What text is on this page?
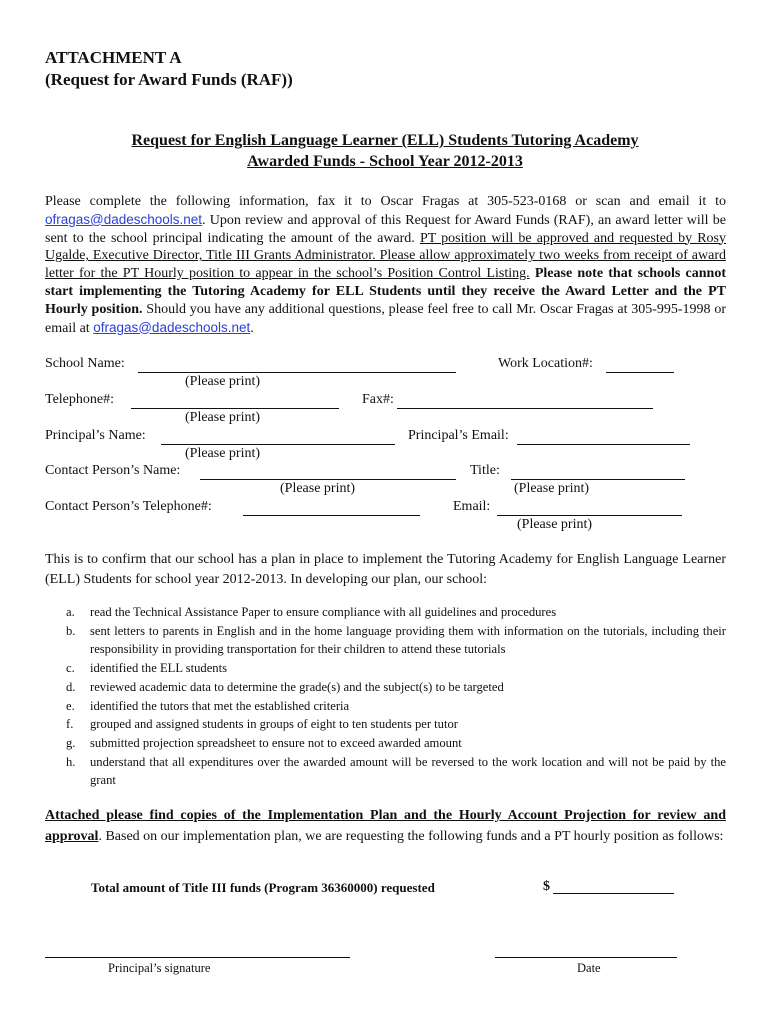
ATTACHMENT A
(Request for Award Funds (RAF))
Request for English Language Learner (ELL) Students Tutoring Academy
Awarded Funds - School Year 2012-2013
Please complete the following information, fax it to Oscar Fragas at 305-523-0168 or scan and email it to ofragas@dadeschools.net. Upon review and approval of this Request for Award Funds (RAF), an award letter will be sent to the school principal indicating the amount of the award. PT position will be approved and requested by Rosy Ugalde, Executive Director, Title III Grants Administrator. Please allow approximately two weeks from receipt of award letter for the PT Hourly position to appear in the school’s Position Control Listing. Please note that schools cannot start implementing the Tutoring Academy for ELL Students until they receive the Award Letter and the PT Hourly position. Should you have any additional questions, please feel free to call Mr. Oscar Fragas at 305-995-1998 or email at ofragas@dadeschools.net.
School Name:	Work Location#:
(Please print)
Telephone#:	Fax#:
(Please print)
Principal’s Name:	Principal’s Email:
(Please print)
Contact Person’s Name:	Title:
(Please print)	(Please print)
Contact Person’s Telephone#:	Email:
(Please print)
This is to confirm that our school has a plan in place to implement the Tutoring Academy for English Language Learner (ELL) Students for school year 2012-2013. In developing our plan, our school:
a.	read the Technical Assistance Paper to ensure compliance with all guidelines and procedures
b.	sent letters to parents in English and in the home language providing them with information on the tutorials, including their responsibility in providing transportation for their children to attend these tutorials
c.	identified the ELL students
d.	reviewed academic data to determine the grade(s) and the subject(s) to be targeted
e.	identified the tutors that met the established criteria
f.	grouped and assigned students in groups of eight to ten students per tutor
g.	submitted projection spreadsheet to ensure not to exceed awarded amount
h.	understand that all expenditures over the awarded amount will be reversed to the work location and will not be paid by the grant
Attached please find copies of the Implementation Plan and the Hourly Account Projection for review and approval. Based on our implementation plan, we are requesting the following funds and a PT hourly position as follows:
Total amount of Title III funds (Program 36360000) requested	$
Principal’s signature	Date
